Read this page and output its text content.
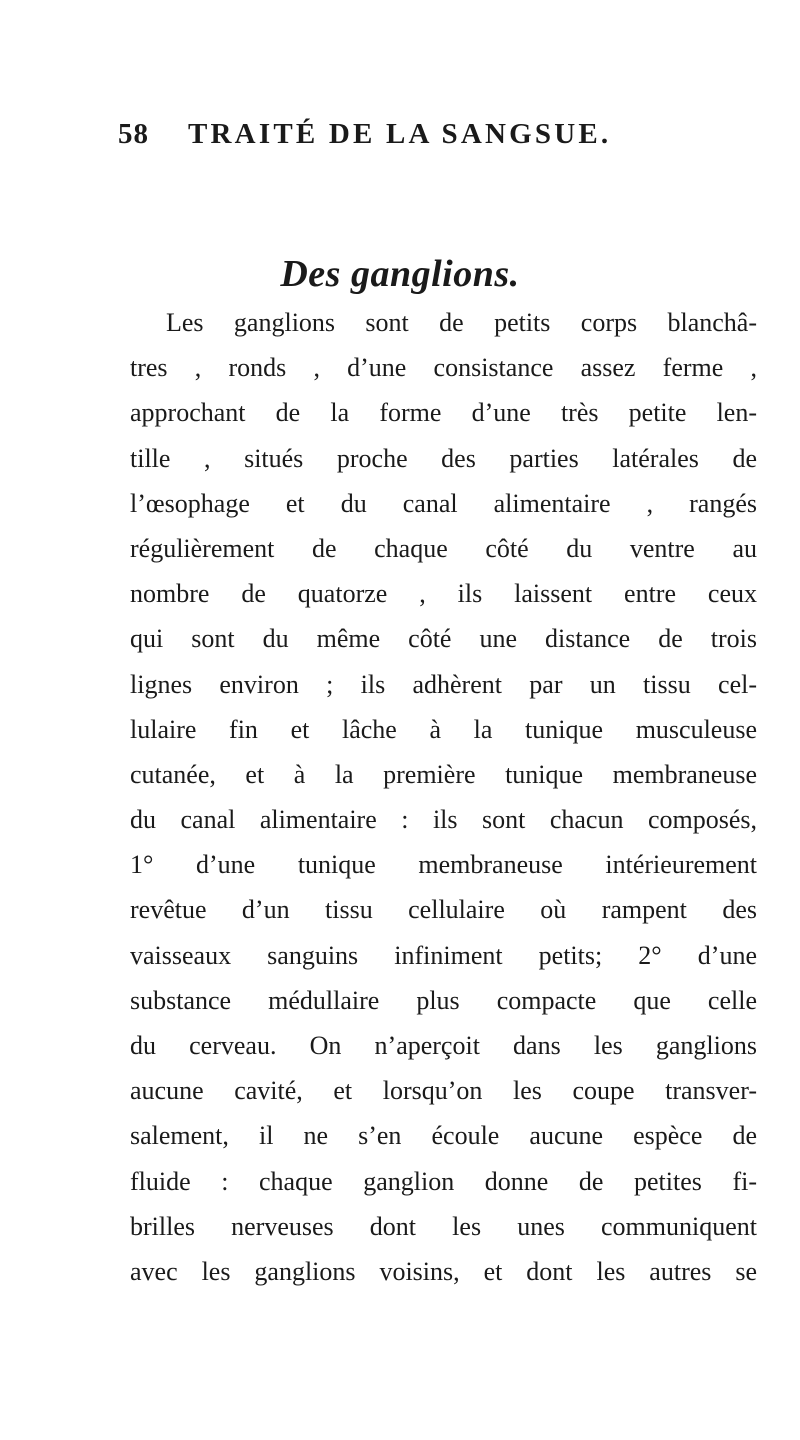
58	TRAITÉ DE LA SANGSUE.
Des ganglions.
Les ganglions sont de petits corps blanchâ-
tres , ronds , d’une consistance assez ferme ,
approchant de la forme d’une très petite len-
tille , situés proche des parties latérales de
l’œsophage et du canal alimentaire , rangés
régulièrement de chaque côté du ventre au
nombre de quatorze , ils laissent entre ceux
qui sont du même côté une distance de trois
lignes environ ; ils adhèrent par un tissu cel-
lulaire fin et lâche à la tunique musculeuse
cutanée, et à la première tunique membraneuse
du canal alimentaire : ils sont chacun composés,
1° d’une tunique membraneuse intérieurement
revêtue d’un tissu cellulaire où rampent des
vaisseaux sanguins infiniment petits; 2° d’une
substance médullaire plus compacte que celle
du cerveau. On n’aperçoit dans les ganglions
aucune cavité, et lorsqu’on les coupe transver-
salement, il ne s’en écoule aucune espèce de
fluide : chaque ganglion donne de petites fi-
brilles nerveuses dont les unes communiquent
avec les ganglions voisins, et dont les autres se
